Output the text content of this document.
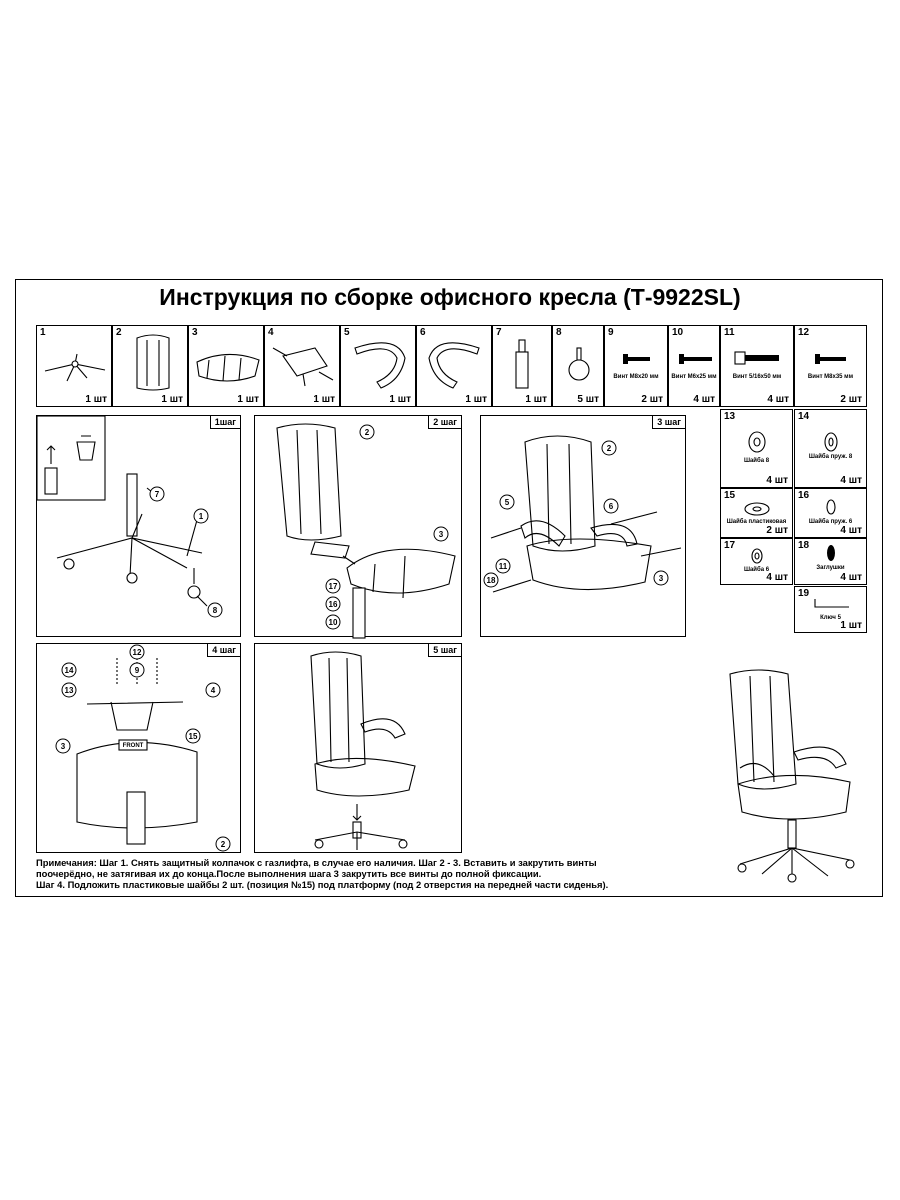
Инструкция по сборке офисного кресла (Т-9922SL)
1
1 шт
2
1 шт
3
1 шт
4
1 шт
5
1 шт
6
1 шт
7
1 шт
8
5 шт
9
Винт М8х20 мм
2 шт
10
Винт М6х25 мм
4 шт
11
Винт 5/16х50 мм
4 шт
12
Винт М8х35 мм
2 шт
13
Шайба 8
4 шт
14
Шайба пруж. 8
4 шт
15
Шайба пластиковая
2 шт
16
Шайба пруж. 6
4 шт
17
Шайба 6
4 шт
18
Заглушки
4 шт
19
Ключ 5
1 шт
1шаг
7
1
8
2 шаг
2
3
17
16
10
3 шаг
2
5	6
11
18	3
4 шаг
FRONT
12
14	9
13	4
3
15
2
5 шаг
Примечания: Шаг 1. Снять защитный колпачок с газлифта, в случае его наличия. Шаг 2 - 3. Вставить и закрутить винты
поочерёдно, не затягивая их до конца.После выполнения шага 3 закрутить все винты до полной фиксации.
Шаг 4. Подложить пластиковые шайбы 2 шт. (позиция №15) под платформу (под 2 отверстия на передней части сиденья).
